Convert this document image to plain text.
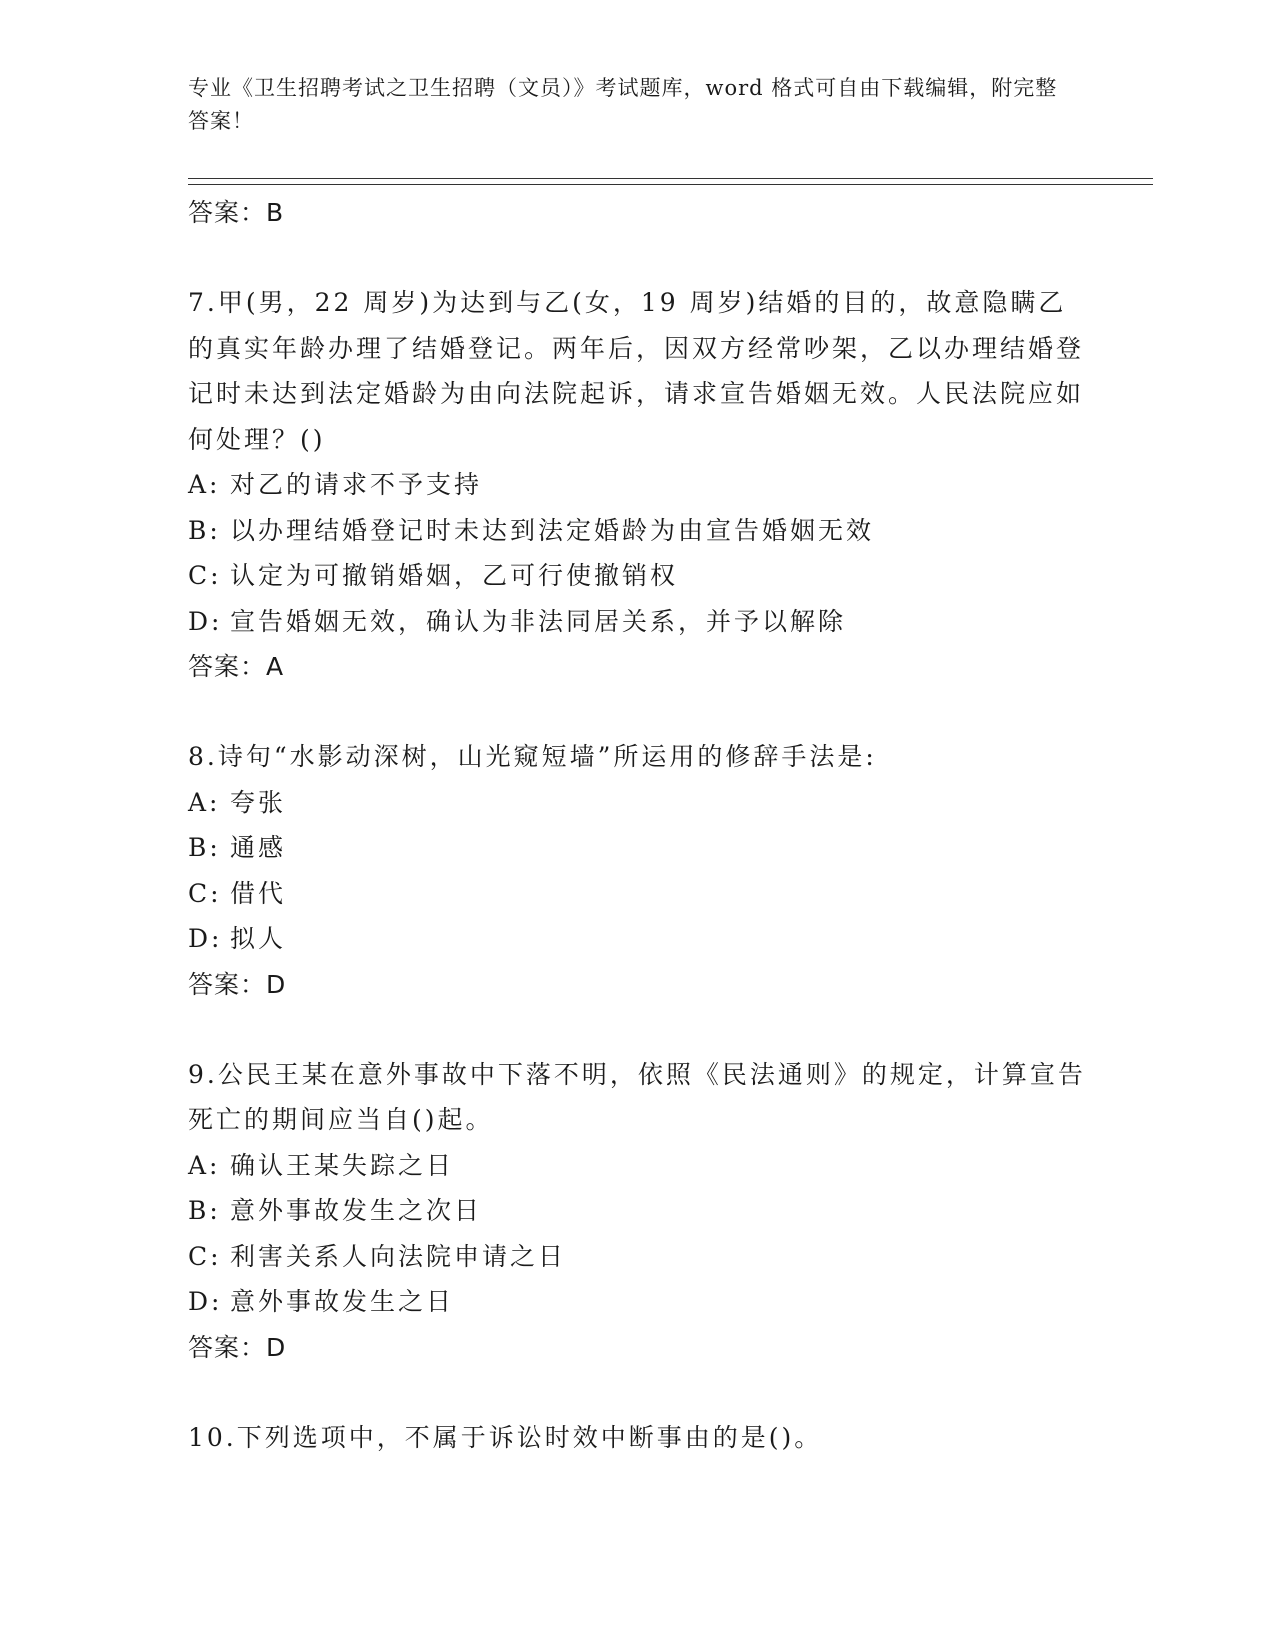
专业《卫生招聘考试之卫生招聘（文员）》考试题库，word 格式可自由下载编辑，附完整答案！

答案：B

7.甲(男，22 周岁)为达到与乙(女，19 周岁)结婚的目的，故意隐瞒乙的真实年龄办理了结婚登记。两年后，因双方经常吵架，乙以办理结婚登记时未达到法定婚龄为由向法院起诉，请求宣告婚姻无效。人民法院应如何处理？()

A: 对乙的请求不予支持

B: 以办理结婚登记时未达到法定婚龄为由宣告婚姻无效

C: 认定为可撤销婚姻，乙可行使撤销权

D: 宣告婚姻无效，确认为非法同居关系，并予以解除

答案：A

8.诗句“水影动深树，山光窥短墙”所运用的修辞手法是:

A: 夸张

B: 通感

C: 借代

D: 拟人

答案：D

9.公民王某在意外事故中下落不明，依照《民法通则》的规定，计算宣告死亡的期间应当自()起。

A: 确认王某失踪之日

B: 意外事故发生之次日

C: 利害关系人向法院申请之日

D: 意外事故发生之日

答案：D

10.下列选项中，不属于诉讼时效中断事由的是()。
